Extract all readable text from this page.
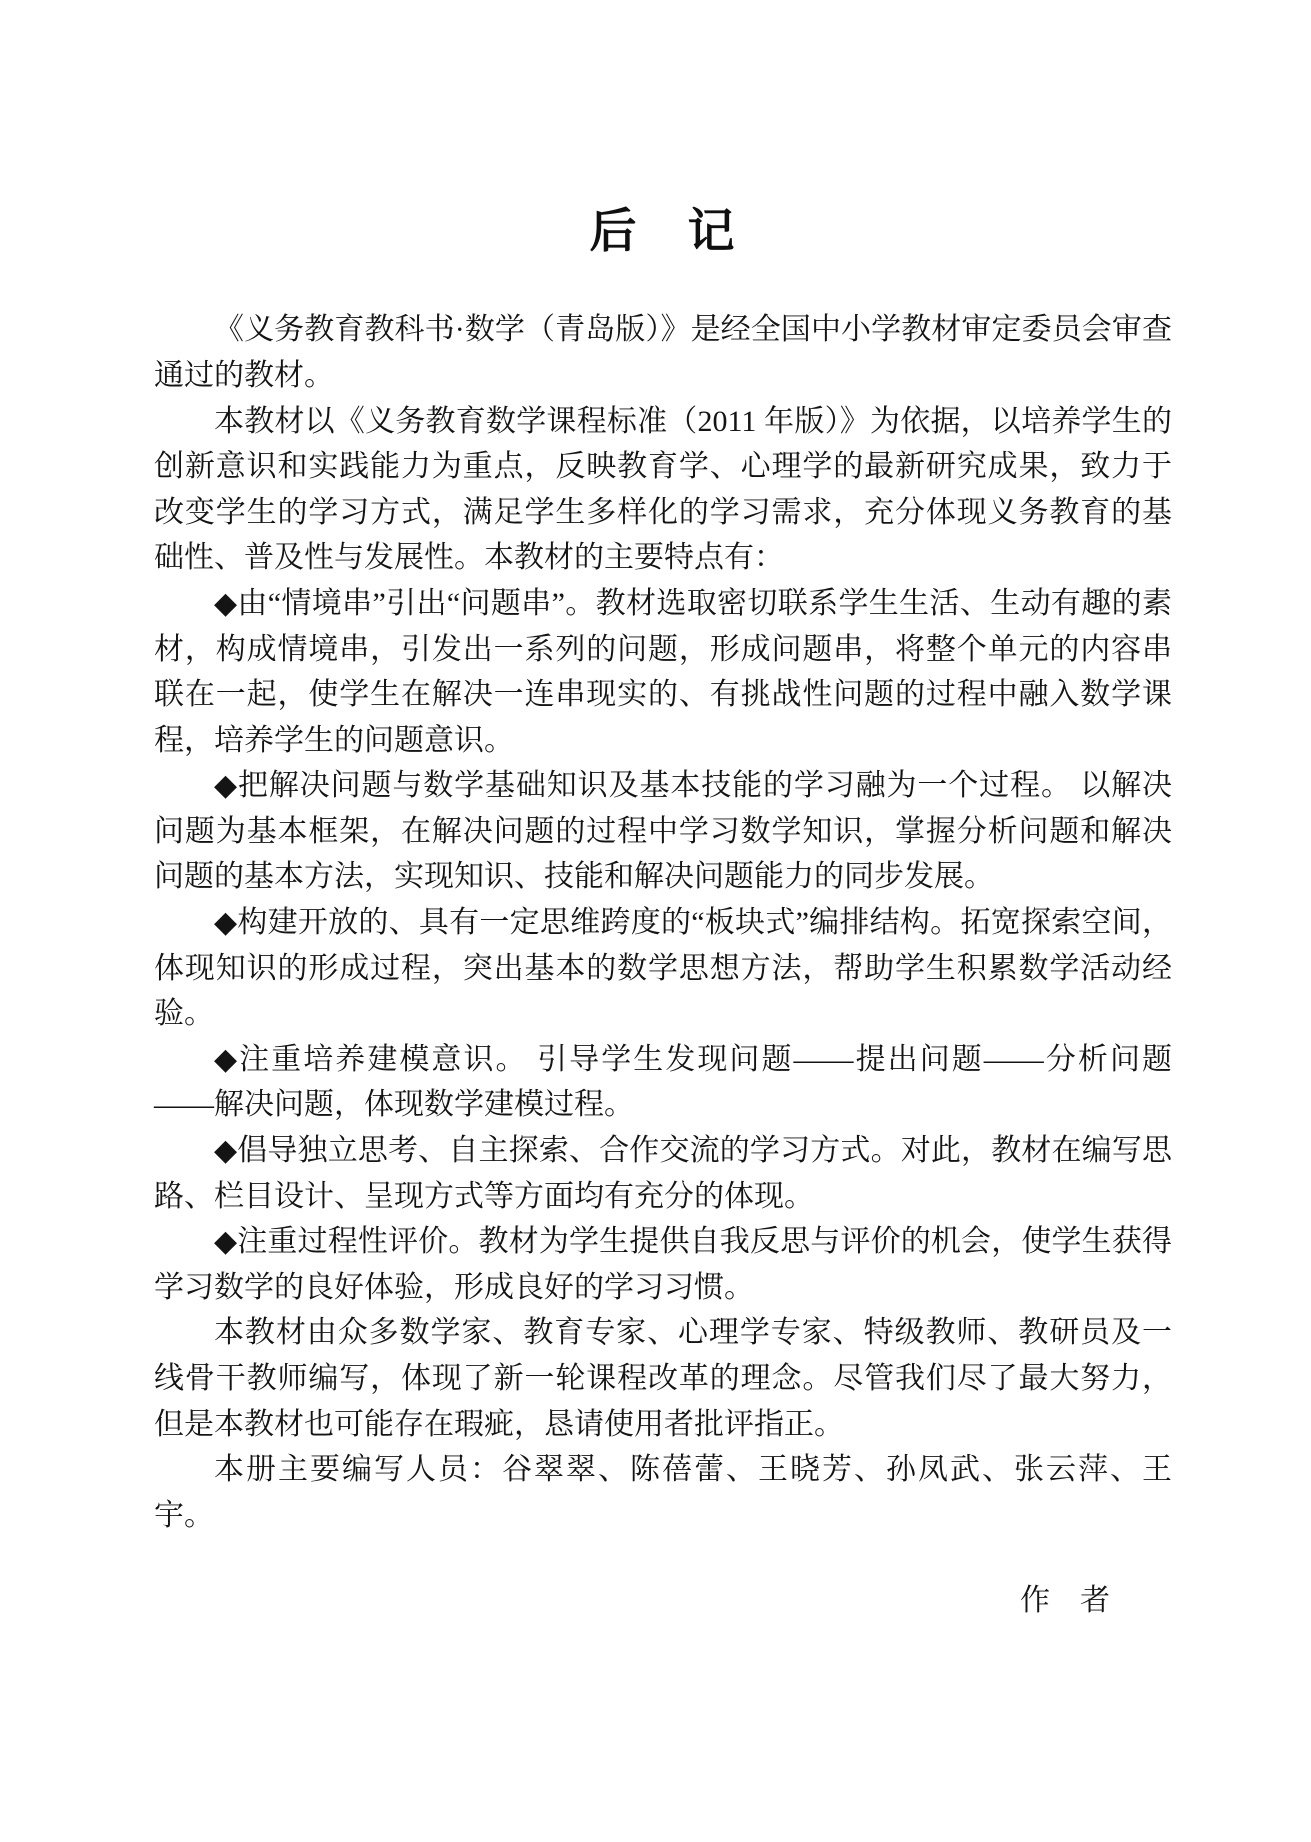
后　记

《义务教育教科书·数学（青岛版）》是经全国中小学教材审定委员会审查通过的教材。

本教材以《义务教育数学课程标准（2011 年版）》为依据，以培养学生的创新意识和实践能力为重点，反映教育学、心理学的最新研究成果，致力于改变学生的学习方式，满足学生多样化的学习需求，充分体现义务教育的基础性、普及性与发展性。本教材的主要特点有：

◆由“情境串”引出“问题串”。教材选取密切联系学生生活、生动有趣的素材，构成情境串，引发出一系列的问题，形成问题串，将整个单元的内容串联在一起，使学生在解决一连串现实的、有挑战性问题的过程中融入数学课程，培养学生的问题意识。

◆把解决问题与数学基础知识及基本技能的学习融为一个过程。 以解决问题为基本框架，在解决问题的过程中学习数学知识，掌握分析问题和解决问题的基本方法，实现知识、技能和解决问题能力的同步发展。

◆构建开放的、具有一定思维跨度的“板块式”编排结构。拓宽探索空间，体现知识的形成过程，突出基本的数学思想方法，帮助学生积累数学活动经验。

◆注重培养建模意识。 引导学生发现问题——提出问题——分析问题——解决问题，体现数学建模过程。

◆倡导独立思考、自主探索、合作交流的学习方式。对此，教材在编写思路、栏目设计、呈现方式等方面均有充分的体现。

◆注重过程性评价。教材为学生提供自我反思与评价的机会，使学生获得学习数学的良好体验，形成良好的学习习惯。

本教材由众多数学家、教育专家、心理学专家、特级教师、教研员及一线骨干教师编写，体现了新一轮课程改革的理念。尽管我们尽了最大努力，但是本教材也可能存在瑕疵，恳请使用者批评指正。

本册主要编写人员：谷翠翠、陈蓓蕾、王晓芳、孙凤武、张云萍、王宇。

作　者
